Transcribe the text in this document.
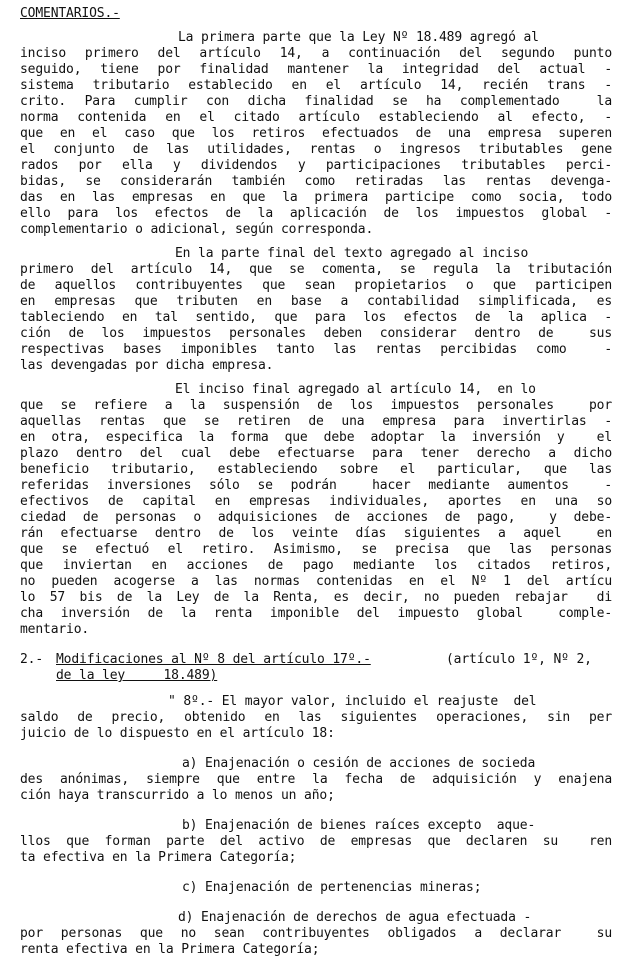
COMENTARIOS.-
La primera parte que la Ley Nº 18.489 agregó al
inciso primero del artículo 14, a continuación del segundo punto
seguido, tiene por finalidad mantener la integridad del actual -
sistema tributario establecido en el artículo 14, recién trans -
crito. Para cumplir con dicha finalidad se ha complementado  la
norma contenida en el citado artículo estableciendo al efecto, -
que en el caso que los retiros efectuados de una empresa superen
el conjunto de las utilidades, rentas o ingresos tributables gene
rados por ella y dividendos y participaciones tributables perci-
bidas, se considerarán también como retiradas las rentas devenga-
das en las empresas en que la primera participe como socia, todo
ello para los efectos de la aplicación de los impuestos global -
complementario o adicional, según corresponda.
En la parte final del texto agregado al inciso
primero del artículo 14, que se comenta, se regula la tributación
de aquellos contribuyentes que sean propietarios o que participen
en empresas que tributen en base a contabilidad simplificada, es
tableciendo en tal sentido, que para los efectos de la aplica -
ción de los impuestos personales deben considerar dentro de  sus
respectivas bases imponibles tanto las rentas percibidas como  -
las devengadas por dicha empresa.
El inciso final agregado al artículo 14,  en lo
que se refiere a la suspensión de los impuestos personales  por
aquellas rentas que se retiren de una empresa para invertirlas -
en otra, especifica la forma que debe adoptar la inversión y  el
plazo dentro del cual debe efectuarse para tener derecho a dicho
beneficio tributario, estableciendo sobre el particular, que las
referidas inversiones sólo se podrán  hacer mediante aumentos  -
efectivos de capital en empresas individuales, aportes en una so
ciedad de personas o adquisiciones de acciones de pago,  y debe-
rán efectuarse dentro de los veinte días siguientes a aquel  en
que se efectuó el retiro. Asimismo, se precisa que las personas
que inviertan en acciones de pago mediante los citados retiros,
no pueden acogerse a las normas contenidas en el Nº 1 del artícu
lo 57 bis de la Ley de la Renta, es decir, no pueden rebajar  di
cha inversión de la renta imponible del impuesto global  comple-
mentario.
2.- Modificaciones al Nº 8 del artículo 17º.-	(artículo 1º, Nº 2,
de la ley     18.489)
" 8º.- El mayor valor, incluido el reajuste  del
saldo de precio, obtenido en las siguientes operaciones, sin per
juicio de lo dispuesto en el artículo 18:
a) Enajenación o cesión de acciones de socieda
des anónimas, siempre que entre la fecha de adquisición y enajena
ción haya transcurrido a lo menos un año;
b) Enajenación de bienes raíces excepto  aque-
llos que forman parte del activo de empresas que declaren su  ren
ta efectiva en la Primera Categoría;
c) Enajenación de pertenencias mineras;
d) Enajenación de derechos de agua efectuada -
por personas que no sean contribuyentes obligados a declarar  su
renta efectiva en la Primera Categoría;
